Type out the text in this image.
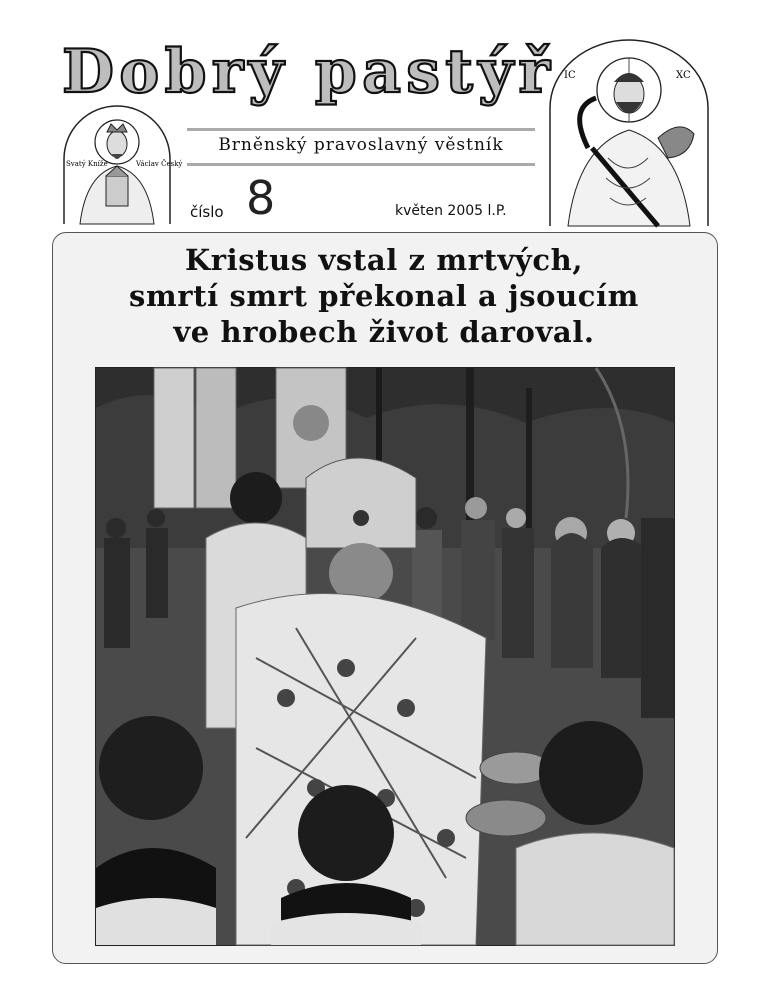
Dobrý pastýř
Svatý Kníže	Václav Český
Brněnský pravoslavný věstník
číslo 8	květen 2005 l.P.
IC	XC
Kristus vstal z mrtvých,
smrtí smrt překonal a jsoucím
ve hrobech život daroval.
